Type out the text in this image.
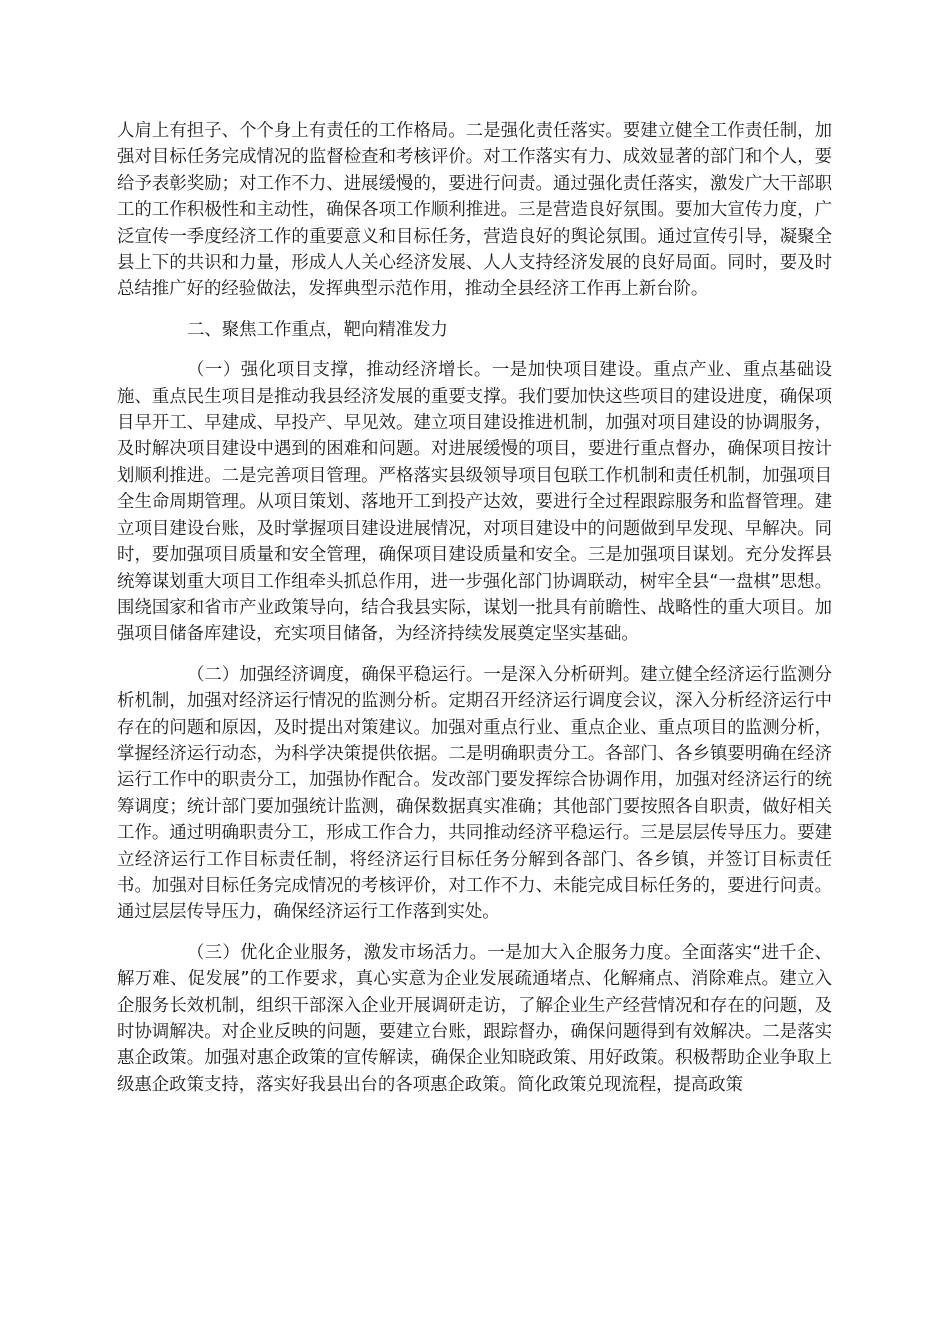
人肩上有担子、个个身上有责任的工作格局。二是强化责任落实。要建立健全工作责任制，加强对目标任务完成情况的监督检查和考核评价。对工作落实有力、成效显著的部门和个人，要给予表彰奖励；对工作不力、进展缓慢的，要进行问责。通过强化责任落实，激发广大干部职工的工作积极性和主动性，确保各项工作顺利推进。三是营造良好氛围。要加大宣传力度，广泛宣传一季度经济工作的重要意义和目标任务，营造良好的舆论氛围。通过宣传引导，凝聚全县上下的共识和力量，形成人人关心经济发展、人人支持经济发展的良好局面。同时，要及时总结推广好的经验做法，发挥典型示范作用，推动全县经济工作再上新台阶。

二、聚焦工作重点，靶向精准发力

（一）强化项目支撑，推动经济增长。一是加快项目建设。重点产业、重点基础设施、重点民生项目是推动我县经济发展的重要支撑。我们要加快这些项目的建设进度，确保项目早开工、早建成、早投产、早见效。建立项目建设推进机制，加强对项目建设的协调服务，及时解决项目建设中遇到的困难和问题。对进展缓慢的项目，要进行重点督办，确保项目按计划顺利推进。二是完善项目管理。严格落实县级领导项目包联工作机制和责任机制，加强项目全生命周期管理。从项目策划、落地开工到投产达效，要进行全过程跟踪服务和监督管理。建立项目建设台账，及时掌握项目建设进展情况，对项目建设中的问题做到早发现、早解决。同时，要加强项目质量和安全管理，确保项目建设质量和安全。三是加强项目谋划。充分发挥县统筹谋划重大项目工作组牵头抓总作用，进一步强化部门协调联动，树牢全县“一盘棋”思想。围绕国家和省市产业政策导向，结合我县实际，谋划一批具有前瞻性、战略性的重大项目。加强项目储备库建设，充实项目储备，为经济持续发展奠定坚实基础。

（二）加强经济调度，确保平稳运行。一是深入分析研判。建立健全经济运行监测分析机制，加强对经济运行情况的监测分析。定期召开经济运行调度会议，深入分析经济运行中存在的问题和原因，及时提出对策建议。加强对重点行业、重点企业、重点项目的监测分析，掌握经济运行动态，为科学决策提供依据。二是明确职责分工。各部门、各乡镇要明确在经济运行工作中的职责分工，加强协作配合。发改部门要发挥综合协调作用，加强对经济运行的统筹调度；统计部门要加强统计监测，确保数据真实准确；其他部门要按照各自职责，做好相关工作。通过明确职责分工，形成工作合力，共同推动经济平稳运行。三是层层传导压力。要建立经济运行工作目标责任制，将经济运行目标任务分解到各部门、各乡镇，并签订目标责任书。加强对目标任务完成情况的考核评价，对工作不力、未能完成目标任务的，要进行问责。通过层层传导压力，确保经济运行工作落到实处。

（三）优化企业服务，激发市场活力。一是加大入企服务力度。全面落实“进千企、解万难、促发展”的工作要求，真心实意为企业发展疏通堵点、化解痛点、消除难点。建立入企服务长效机制，组织干部深入企业开展调研走访，了解企业生产经营情况和存在的问题，及时协调解决。对企业反映的问题，要建立台账，跟踪督办，确保问题得到有效解决。二是落实惠企政策。加强对惠企政策的宣传解读，确保企业知晓政策、用好政策。积极帮助企业争取上级惠企政策支持，落实好我县出台的各项惠企政策。简化政策兑现流程，提高政策
